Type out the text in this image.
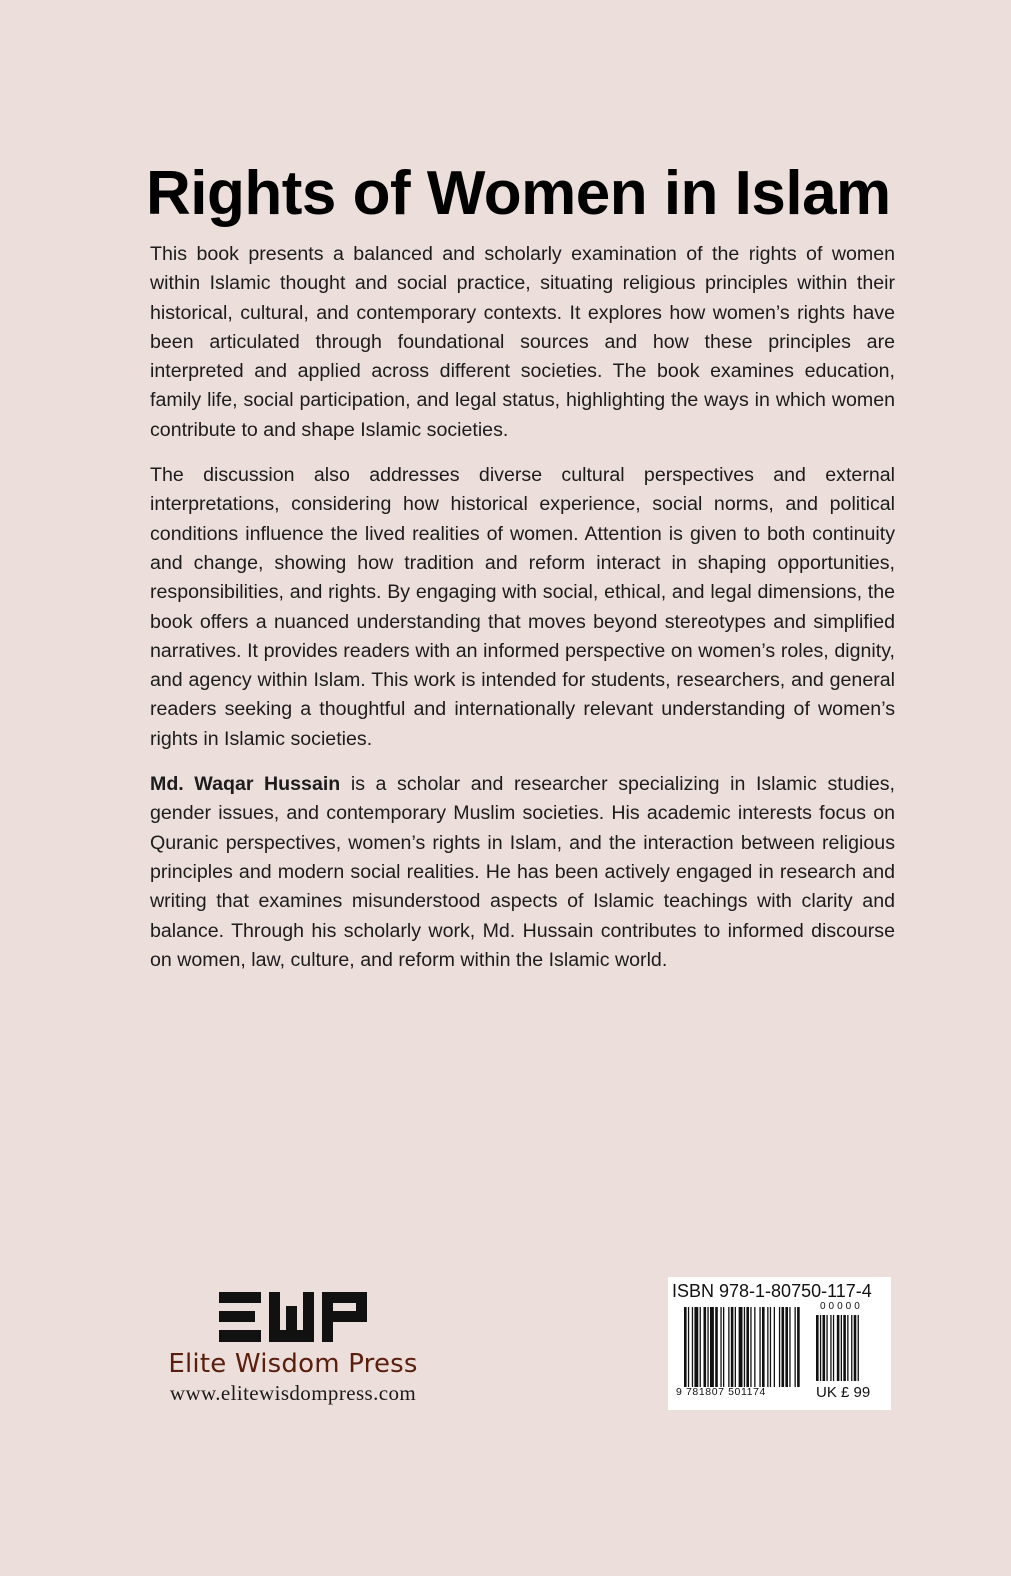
Rights of Women in Islam

This book presents a balanced and scholarly examination of the rights of women within Islamic thought and social practice, situating religious principles within their historical, cultural, and contemporary contexts. It explores how women’s rights have been articulated through foundational sources and how these principles are interpreted and applied across different societies. The book examines education, family life, social participation, and legal status, highlighting the ways in which women contribute to and shape Islamic societies.

The discussion also addresses diverse cultural perspectives and external interpretations, considering how historical experience, social norms, and political conditions influence the lived realities of women. Attention is given to both continuity and change, showing how tradition and reform interact in shaping opportunities, responsibilities, and rights. By engaging with social, ethical, and legal dimensions, the book offers a nuanced understanding that moves beyond stereotypes and simplified narratives. It provides readers with an informed perspective on women’s roles, dignity, and agency within Islam. This work is intended for students, researchers, and general readers seeking a thoughtful and internationally relevant understanding of women’s rights in Islamic societies.

Md. Waqar Hussain is a scholar and researcher specializing in Islamic studies, gender issues, and contemporary Muslim societies. His academic interests focus on Quranic perspectives, women’s rights in Islam, and the interaction between religious principles and modern social realities. He has been actively engaged in research and writing that examines misunderstood aspects of Islamic teachings with clarity and balance. Through his scholarly work, Md. Hussain contributes to informed discourse on women, law, culture, and reform within the Islamic world.

Elite Wisdom Press
www.elitewisdompress.com
ISBN 978-1-80750-117-4
00000
9 781807 501174	UK £ 99
